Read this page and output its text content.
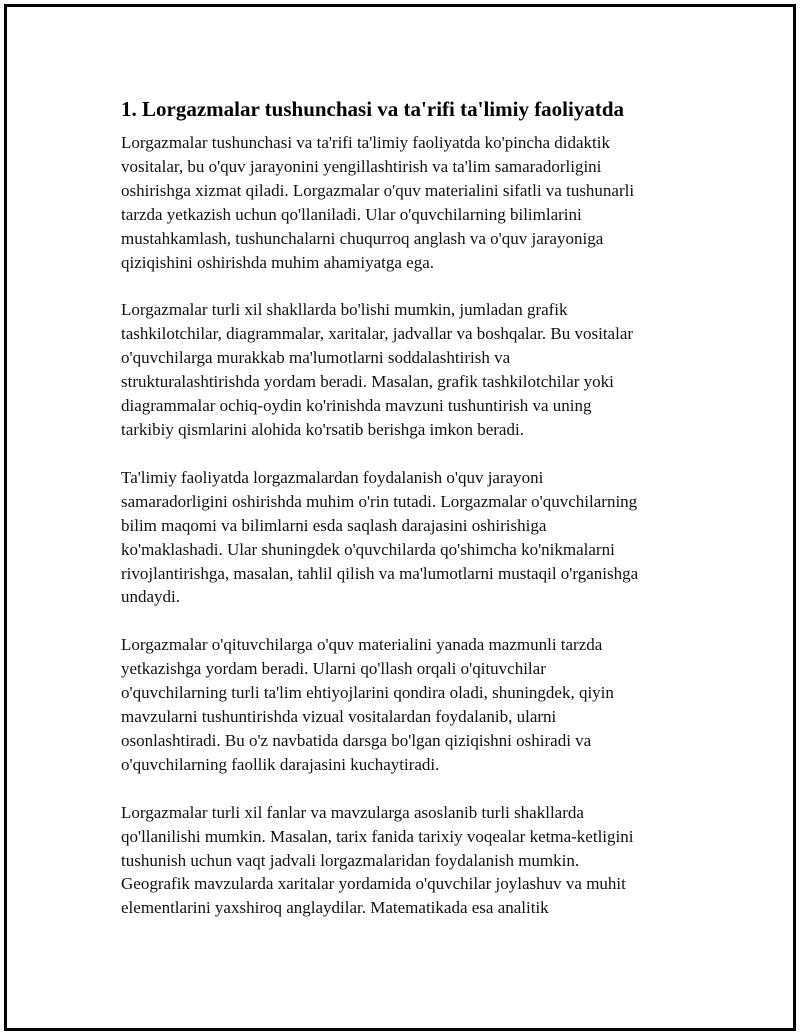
1. Lorgazmalar tushunchasi va ta'rifi ta'limiy faoliyatda

Lorgazmalar tushunchasi va ta'rifi ta'limiy faoliyatda ko'pincha didaktik
vositalar, bu o'quv jarayonini yengillashtirish va ta'lim samaradorligini
oshirishga xizmat qiladi. Lorgazmalar o'quv materialini sifatli va tushunarli
tarzda yetkazish uchun qo'llaniladi. Ular o'quvchilarning bilimlarini
mustahkamlash, tushunchalarni chuqurroq anglash va o'quv jarayoniga
qiziqishini oshirishda muhim ahamiyatga ega.

Lorgazmalar turli xil shakllarda bo'lishi mumkin, jumladan grafik
tashkilotchilar, diagrammalar, xaritalar, jadvallar va boshqalar. Bu vositalar
o'quvchilarga murakkab ma'lumotlarni soddalashtirish va
strukturalashtirishda yordam beradi. Masalan, grafik tashkilotchilar yoki
diagrammalar ochiq-oydin ko'rinishda mavzuni tushuntirish va uning
tarkibiy qismlarini alohida ko'rsatib berishga imkon beradi.

Ta'limiy faoliyatda lorgazmalardan foydalanish o'quv jarayoni
samaradorligini oshirishda muhim o'rin tutadi. Lorgazmalar o'quvchilarning
bilim maqomi va bilimlarni esda saqlash darajasini oshirishiga
ko'maklashadi. Ular shuningdek o'quvchilarda qo'shimcha ko'nikmalarni
rivojlantirishga, masalan, tahlil qilish va ma'lumotlarni mustaqil o'rganishga
undaydi.

Lorgazmalar o'qituvchilarga o'quv materialini yanada mazmunli tarzda
yetkazishga yordam beradi. Ularni qo'llash orqali o'qituvchilar
o'quvchilarning turli ta'lim ehtiyojlarini qondira oladi, shuningdek, qiyin
mavzularni tushuntirishda vizual vositalardan foydalanib, ularni
osonlashtiradi. Bu o'z navbatida darsga bo'lgan qiziqishni oshiradi va
o'quvchilarning faollik darajasini kuchaytiradi.

Lorgazmalar turli xil fanlar va mavzularga asoslanib turli shakllarda
qo'llanilishi mumkin. Masalan, tarix fanida tarixiy voqealar ketma-ketligini
tushunish uchun vaqt jadvali lorgazmalaridan foydalanish mumkin.
Geografik mavzularda xaritalar yordamida o'quvchilar joylashuv va muhit
elementlarini yaxshiroq anglaydilar. Matematikada esa analitik
